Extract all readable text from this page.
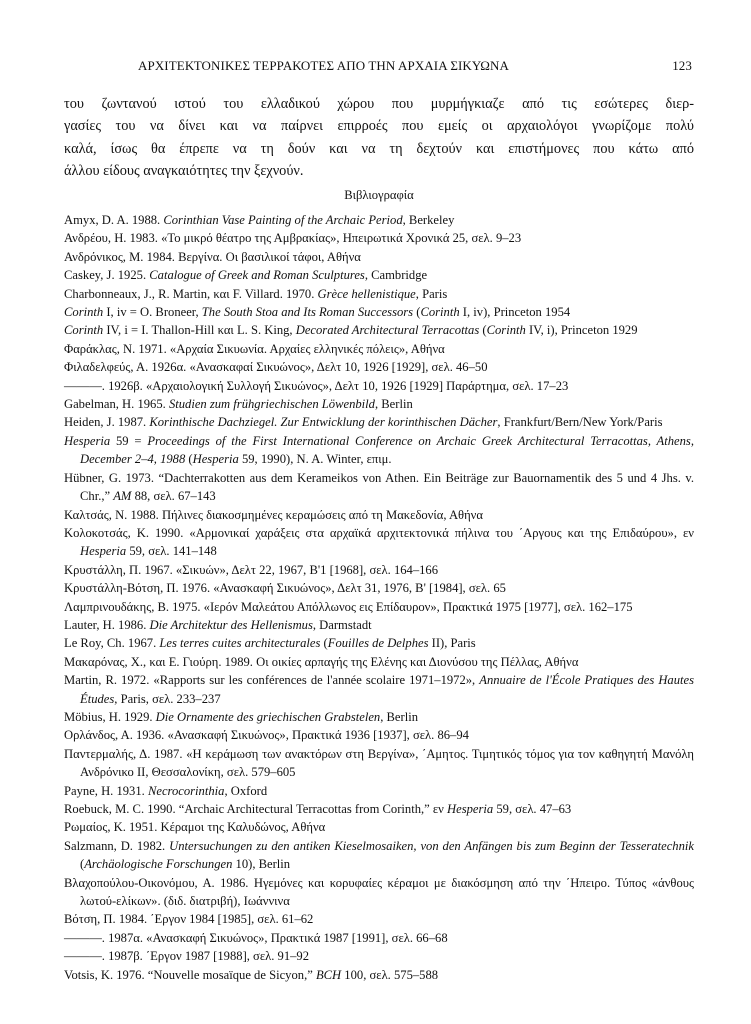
ΑΡΧΙΤΕΚΤΟΝΙΚΕΣ ΤΕΡΡΑΚΟΤΕΣ ΑΠΟ ΤΗΝ ΑΡΧΑΙΑ ΣΙΚΥΩΝΑ	123
του ζωντανού ιστού του ελλαδικού χώρου που μυρμήγκιαζε από τις εσώτερες διερ-
γασίες του να δίνει και να παίρνει επιρροές που εμείς οι αρχαιολόγοι γνωρίζομε πολύ
καλά, ίσως θα έπρεπε να τη δούν και να τη δεχτούν και επιστήμονες που κάτω από
άλλου είδους αναγκαιότητες την ξεχνούν.
Βιβλιογραφία
Amyx, D. A. 1988. Corinthian Vase Painting of the Archaic Period, Berkeley
Ανδρέου, Η. 1983. «Το μικρό θέατρο της Αμβρακίας», Ηπειρωτικά Χρονικά 25, σελ. 9–23
Ανδρόνικος, Μ. 1984. Βεργίνα. Οι βασιλικοί τάφοι, Αθήνα
Caskey, J. 1925. Catalogue of Greek and Roman Sculptures, Cambridge
Charbonneaux, J., R. Martin, και F. Villard. 1970. Grèce hellenistique, Paris
Corinth I, iv = O. Broneer, The South Stoa and Its Roman Successors (Corinth I, iv), Princeton 1954
Corinth IV, i = I. Thallon-Hill και L. S. King, Decorated Architectural Terracottas (Corinth IV, i), Princeton 1929
Φαράκλας, Ν. 1971. «Αρχαία Σικυωνία. Αρχαίες ελληνικές πόλεις», Αθήνα
Φιλαδελφεύς, Α. 1926α. «Ανασκαφαί Σικυώνος», Δελτ 10, 1926 [1929], σελ. 46–50
———. 1926β. «Αρχαιολογική Συλλογή Σικυώνος», Δελτ 10, 1926 [1929] Παράρτημα, σελ. 17–23
Gabelman, H. 1965. Studien zum frühgriechischen Löwenbild, Berlin
Heiden, J. 1987. Korinthische Dachziegel. Zur Entwicklung der korinthischen Dächer, Frankfurt/Bern/New York/Paris
Hesperia 59 = Proceedings of the First International Conference on Archaic Greek Architectural Terracottas, Athens, December 2–4, 1988 (Hesperia 59, 1990), N. A. Winter, επιμ.
Hübner, G. 1973. “Dachterrakotten aus dem Kerameikos von Athen. Ein Beiträge zur Bauornamentik des 5 und 4 Jhs. v. Chr.,” AM 88, σελ. 67–143
Καλτσάς, Ν. 1988. Πήλινες διακοσμημένες κεραμώσεις από τη Μακεδονία, Αθήνα
Κολοκοτσάς, Κ. 1990. «Αρμονικαί χαράξεις στα αρχαϊκά αρχιτεκτονικά πήλινα του ΄Αργους και της Επιδαύρου», εν Hesperia 59, σελ. 141–148
Κρυστάλλη, Π. 1967. «Σικυών», Δελτ 22, 1967, Β'1 [1968], σελ. 164–166
Κρυστάλλη-Βότση, Π. 1976. «Ανασκαφή Σικυώνος», Δελτ 31, 1976, Β' [1984], σελ. 65
Λαμπρινουδάκης, Β. 1975. «Ιερόν Μαλεάτου Απόλλωνος εις Επίδαυρον», Πρακτικά 1975 [1977], σελ. 162–175
Lauter, H. 1986. Die Architektur des Hellenismus, Darmstadt
Le Roy, Ch. 1967. Les terres cuites architecturales (Fouilles de Delphes II), Paris
Μακαρόνας, Χ., και Ε. Γιούρη. 1989. Οι οικίες αρπαγής της Ελένης και Διονύσου της Πέλλας, Αθήνα
Martin, R. 1972. «Rapports sur les conférences de l'année scolaire 1971–1972», Annuaire de l'École Pratiques des Hautes Études, Paris, σελ. 233–237
Möbius, H. 1929. Die Ornamente des griechischen Grabstelen, Berlin
Ορλάνδος, Α. 1936. «Ανασκαφή Σικυώνος», Πρακτικά 1936 [1937], σελ. 86–94
Παντερμαλής, Δ. 1987. «Η κεράμωση των ανακτόρων στη Βεργίνα», ΄Αμητος. Τιμητικός τόμος για τον καθηγητή Μανόλη Ανδρόνικο ΙΙ, Θεσσαλονίκη, σελ. 579–605
Payne, H. 1931. Necrocorinthia, Oxford
Roebuck, M. C. 1990. “Archaic Architectural Terracottas from Corinth,” εν Hesperia 59, σελ. 47–63
Ρωμαίος, Κ. 1951. Κέραμοι της Καλυδώνος, Αθήνα
Salzmann, D. 1982. Untersuchungen zu den antiken Kieselmosaiken, von den Anfängen bis zum Beginn der Tesseratechnik (Archäologische Forschungen 10), Berlin
Βλαχοπούλου-Οικονόμου, Α. 1986. Ηγεμόνες και κορυφαίες κέραμοι με διακόσμηση από την ΄Ηπειρο. Τύπος «άνθους λωτού-ελίκων». (διδ. διατριβή), Ιωάννινα
Βότση, Π. 1984. ΄Εργον 1984 [1985], σελ. 61–62
———. 1987α. «Ανασκαφή Σικυώνος», Πρακτικά 1987 [1991], σελ. 66–68
———. 1987β. ΄Εργον 1987 [1988], σελ. 91–92
Votsis, K. 1976. “Nouvelle mosaïque de Sicyon,” BCH 100, σελ. 575–588
